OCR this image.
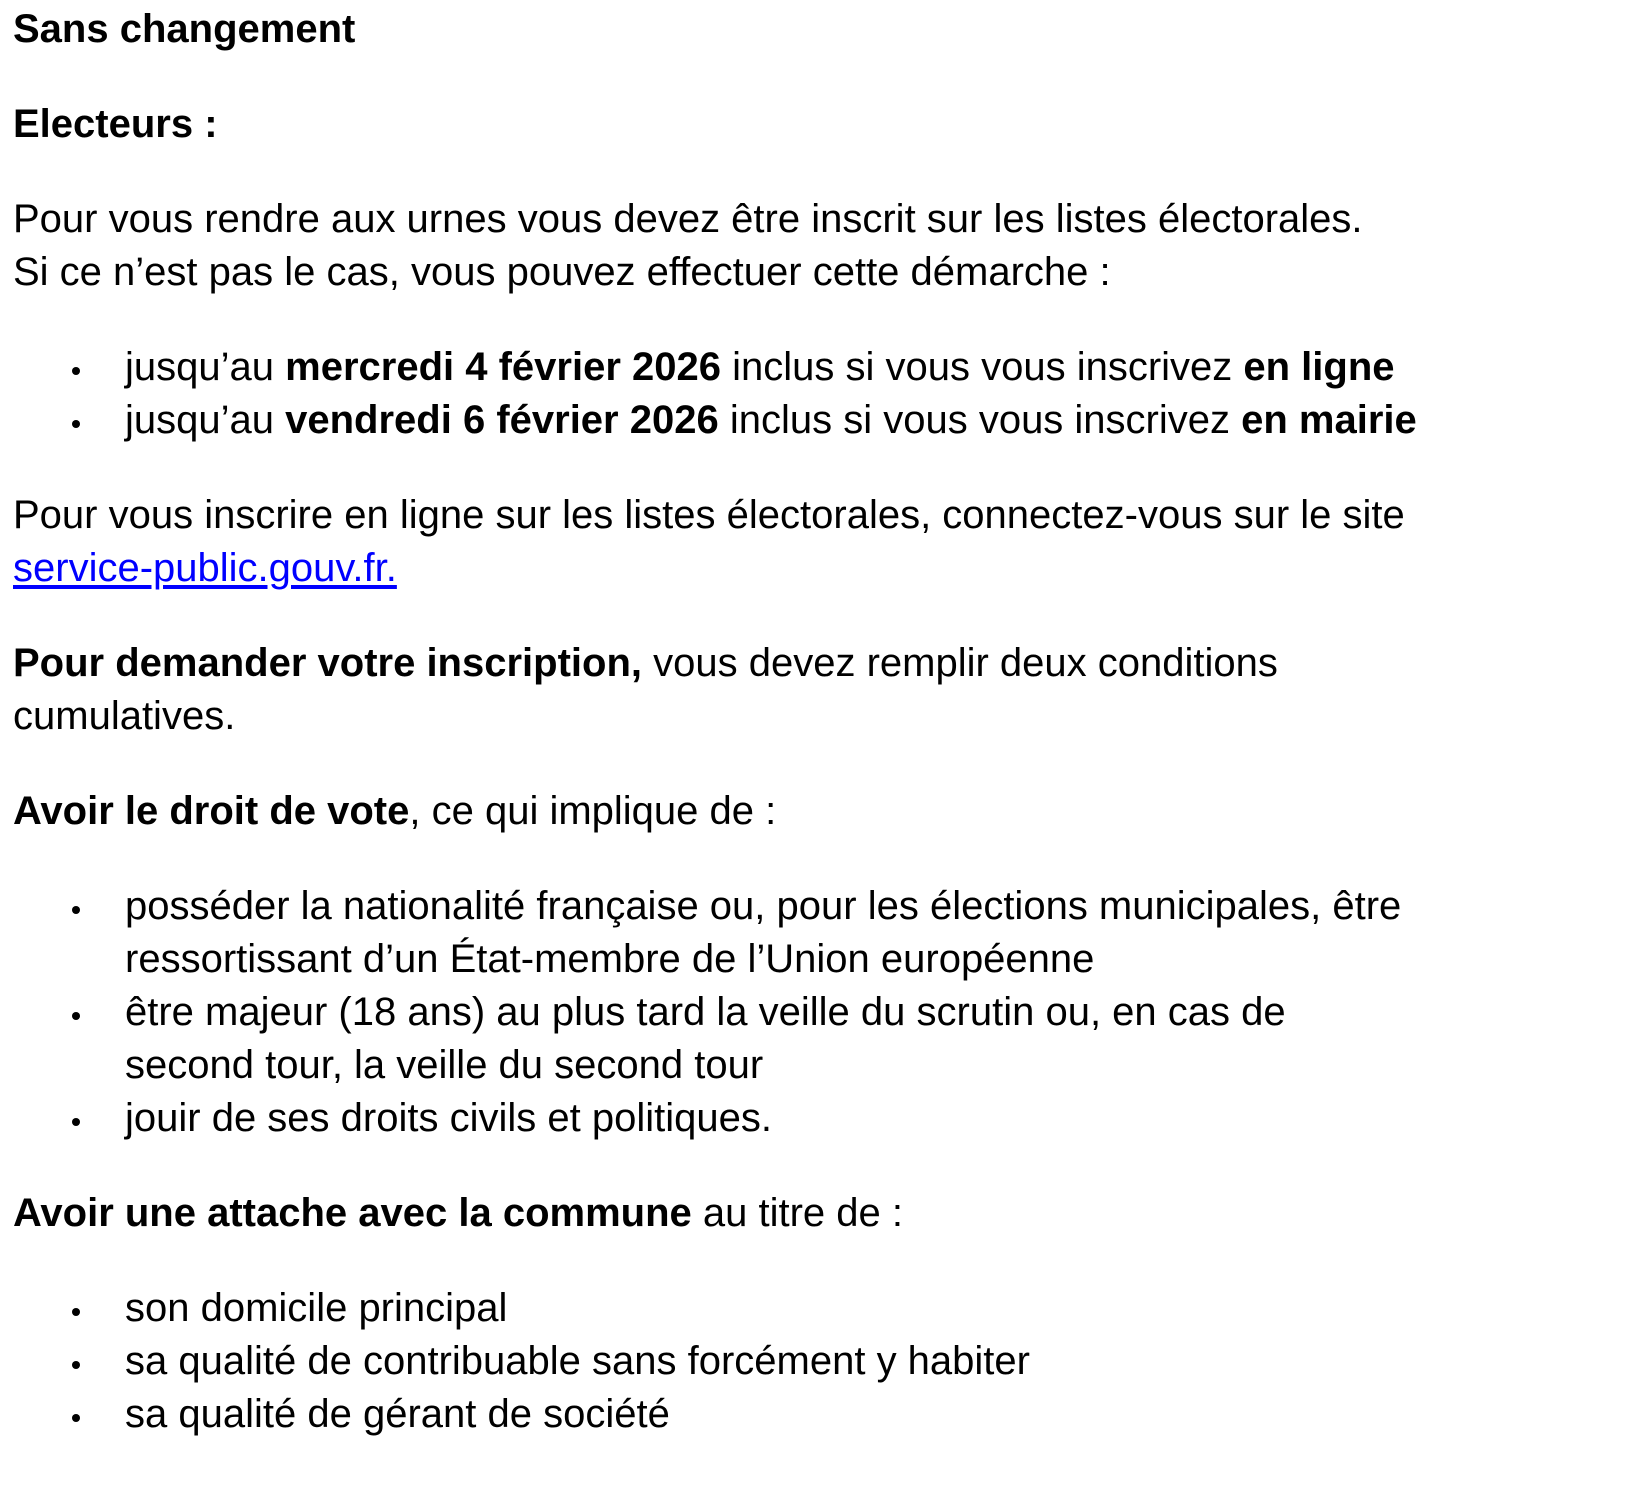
Sans changement

Electeurs :

Pour vous rendre aux urnes vous devez être inscrit sur les listes électorales.
Si ce n’est pas le cas, vous pouvez effectuer cette démarche :
jusqu’au mercredi 4 février 2026 inclus si vous vous inscrivez en ligne
jusqu’au vendredi 6 février 2026 inclus si vous vous inscrivez en mairie
Pour vous inscrire en ligne sur les listes électorales, connectez-vous sur le site
service-public.gouv.fr.
Pour demander votre inscription, vous devez remplir deux conditions
cumulatives.

Avoir le droit de vote, ce qui implique de :

posséder la nationalité française ou, pour les élections municipales, être
ressortissant d’un État-membre de l’Union européenne
être majeur (18 ans) au plus tard la veille du scrutin ou, en cas de
second tour, la veille du second tour
jouir de ses droits civils et politiques.

Avoir une attache avec la commune au titre de :

son domicile principal
sa qualité de contribuable sans forcément y habiter
sa qualité de gérant de société
